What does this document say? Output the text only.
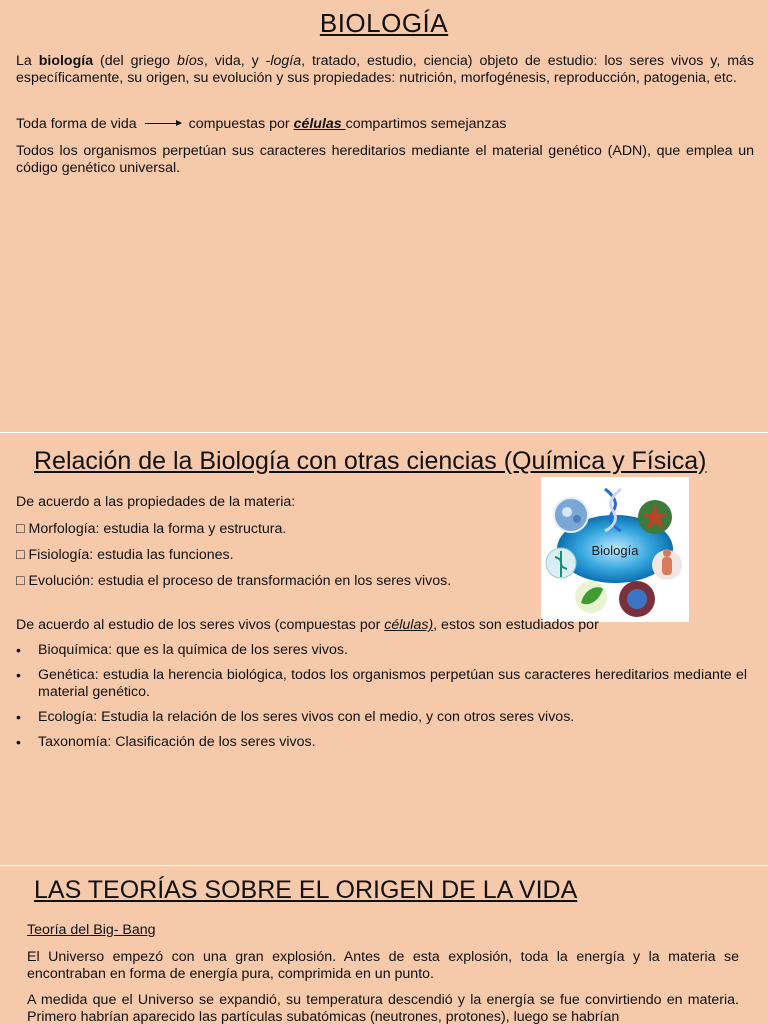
BIOLOGÍA
La biología (del griego bíos, vida, y -logía, tratado, estudio, ciencia) objeto de estudio: los seres vivos y, más específicamente, su origen, su evolución y sus propiedades: nutrición, morfogénesis, reproducción, patogenia, etc.
Toda forma de vida	compuestas por células compartimos semejanzas
Todos los organismos perpetúan sus caracteres hereditarios mediante el material genético (ADN), que emplea un código genético universal.
Relación de la Biología con otras ciencias (Química y Física)
De acuerdo a las propiedades de la materia:
□ Morfología: estudia la forma y estructura.
□ Fisiología: estudia las funciones.
□ Evolución: estudia el proceso de transformación en los seres vivos.
Biología
De acuerdo al estudio de los seres vivos (compuestas por células), estos son estudiados por
• Bioquímica: que es la química de los seres vivos.
• Genética: estudia la herencia biológica, todos los organismos perpetúan sus caracteres hereditarios mediante el material genético.
• Ecología: Estudia la relación de los seres vivos con el medio, y con otros seres vivos.
• Taxonomía: Clasificación de los seres vivos.
LAS TEORÍAS SOBRE EL ORIGEN DE LA VIDA
Teoría del Big- Bang
El Universo empezó con una gran explosión. Antes de esta explosión, toda la energía y la materia se encontraban en forma de energía pura, comprimida en un punto.
A medida que el Universo se expandió, su temperatura descendió y la energía se fue convirtiendo en materia. Primero habrían aparecido las partículas subatómicas (neutrones, protones), luego se habrían
